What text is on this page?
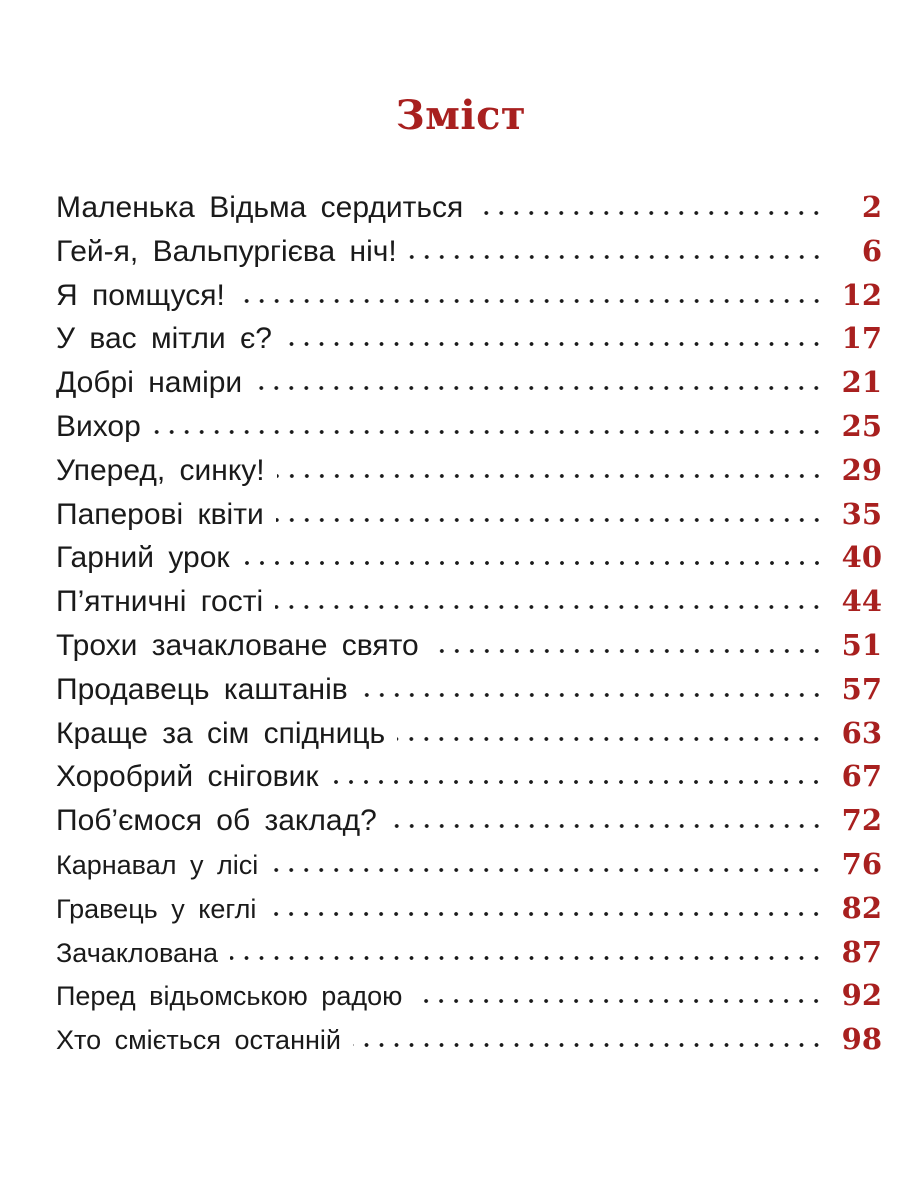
Зміст
Маленька Відьма сердиться	2
Гей-я, Вальпургієва ніч!	6
Я помщуся!	12
У вас мітли є?	17
Добрі наміри	21
Вихор	25
Уперед, синку!	29
Паперові квіти	35
Гарний урок	40
П’ятничні гості	44
Трохи зачакловане свято	51
Продавець каштанів	57
Краще за сім спідниць	63
Хоробрий сніговик	67
Поб’ємося об заклад?	72
Карнавал у лісі	76
Гравець у кеглі	82
Зачаклована	87
Перед відьомською радою	92
Хто сміється останній	98
